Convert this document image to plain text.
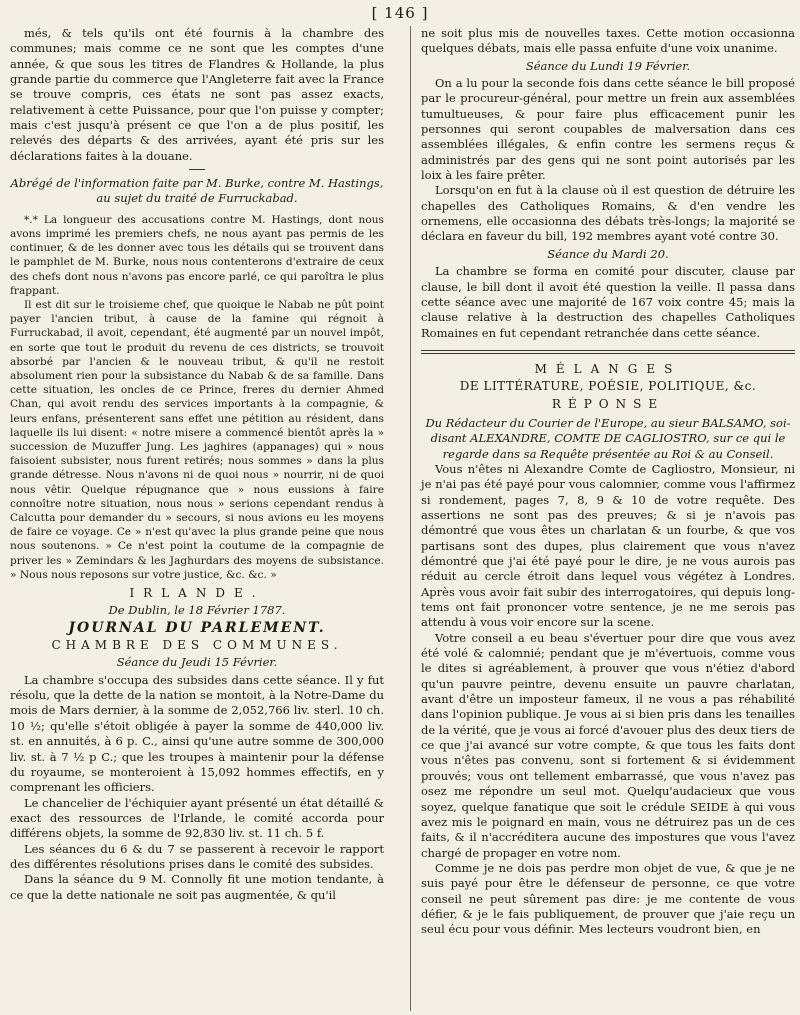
[ 146 ]

més, & tels qu'ils ont été fournis à la chambre des communes; mais comme ce ne sont que les comptes d'une année, & que sous les titres de Flandres & Hollande, la plus grande partie du commerce que l'Angleterre fait avec la France se trouve compris, ces états ne sont pas assez exacts, relativement à cette Puissance, pour que l'on puisse y compter; mais c'est jusqu'à présent ce que l'on a de plus positif, les relevés des départs & des arrivées, ayant été pris sur les déclarations faites à la douane.

Abrégé de l'information faite par M. Burke, contre M. Hastings, au sujet du traité de Furruckabad.

*.* La longueur des accusations contre M. Hastings, dont nous avons imprimé les premiers chefs, ne nous ayant pas permis de les continuer, & de les donner avec tous les détails qui se trouvent dans le pamphlet de M. Burke, nous nous contenterons d'extraire de ceux des chefs dont nous n'avons pas encore parlé, ce qui paroîtra le plus frappant.

Il est dit sur le troisieme chef, que quoique le Nabab ne pût point payer l'ancien tribut, à cause de la famine qui régnoit à Furruckabad, il avoit, cependant, été augmenté par un nouvel impôt, en sorte que tout le produit du revenu de ces districts, se trouvoit absorbé par l'ancien & le nouveau tribut, & qu'il ne restoit absolument rien pour la subsistance du Nabab & de sa famille. Dans cette situation, les oncles de ce Prince, freres du dernier Ahmed Chan, qui avoit rendu des services importants à la compagnie, & leurs enfans, présenterent sans effet une pétition au résident, dans laquelle ils lui disent: « notre misere a commencé bientôt après la » succession de Muzuffer Jung. Les jaghires (appanages) qui » nous faisoient subsister, nous furent retirés; nous sommes » dans la plus grande détresse. Nous n'avons ni de quoi nous » nourrir, ni de quoi nous vêtir. Quelque répugnance que » nous eussions à faire connoître notre situation, nous nous » serions cependant rendus à Calcutta pour demander du » secours, si nous avions eu les moyens de faire ce voyage. Ce » n'est qu'avec la plus grande peine que nous nous soutenons. » Ce n'est point la coutume de la compagnie de priver les » Zemindars & les Jaghurdars des moyens de subsistance. » Nous nous reposons sur votre justice, &c. &c. »

IRLANDE.
De Dublin, le 18 Février 1787.
JOURNAL DU PARLEMENT.
CHAMBRE DES COMMUNES.
Séance du Jeudi 15 Février.

La chambre s'occupa des subsides dans cette séance. Il y fut résolu, que la dette de la nation se montoit, à la Notre-Dame du mois de Mars dernier, à la somme de 2,052,766 liv. sterl. 10 ch. 10 ½; qu'elle s'étoit obligée à payer la somme de 440,000 liv. st. en annuités, à 6 p. C., ainsi qu'une autre somme de 300,000 liv. st. à 7 ½ p C.; que les troupes à maintenir pour la défense du royaume, se monteroient à 15,092 hommes effectifs, en y comprenant les officiers.

Le chancelier de l'échiquier ayant présenté un état détaillé & exact des ressources de l'Irlande, le comité accorda pour différens objets, la somme de 92,830 liv. st. 11 ch. 5 f.

Les séances du 6 & du 7 se passerent à recevoir le rapport des différentes résolutions prises dans le comité des subsides.

Dans la séance du 9 M. Connolly fit une motion tendante, à ce que la dette nationale ne soit pas augmentée, & qu'il

ne soit plus mis de nouvelles taxes. Cette motion occasionna quelques débats, mais elle passa enfuite d'une voix unanime.

Séance du Lundi 19 Février.

On a lu pour la seconde fois dans cette séance le bill proposé par le procureur-général, pour mettre un frein aux assemblées tumultueuses, & pour faire plus efficacement punir les personnes qui seront coupables de malversation dans ces assemblées illégales, & enfin contre les sermens reçus & administrés par des gens qui ne sont point autorisés par les loix à les faire prêter.

Lorsqu'on en fut à la clause où il est question de détruire les chapelles des Catholiques Romains, & d'en vendre les ornemens, elle occasionna des débats très-longs; la majorité se déclara en faveur du bill, 192 membres ayant voté contre 30.

Séance du Mardi 20.

La chambre se forma en comité pour discuter, clause par clause, le bill dont il avoit été question la veille. Il passa dans cette séance avec une majorité de 167 voix contre 45; mais la clause relative à la destruction des chapelles Catholiques Romaines en fut cependant retranchée dans cette séance.

MÉLANGES
DE LITTÉRATURE, POÉSIE, POLITIQUE, &c.
RÉPONSE

Du Rédacteur du Courier de l'Europe, au sieur BALSAMO, soi-disant ALEXANDRE, COMTE DE CAGLIOSTRO, sur ce qui le regarde dans sa Requête présentée au Roi & au Conseil.

Vous n'êtes ni Alexandre Comte de Cagliostro, Monsieur, ni je n'ai pas été payé pour vous calomnier, comme vous l'affirmez si rondement, pages 7, 8, 9 & 10 de votre requête. Des assertions ne sont pas des preuves; & si je n'avois pas démontré que vous êtes un charlatan & un fourbe, & que vos partisans sont des dupes, plus clairement que vous n'avez démontré que j'ai été payé pour le dire, je ne vous aurois pas réduit au cercle étroit dans lequel vous végétez à Londres. Après vous avoir fait subir des interrogatoires, qui depuis long-tems ont fait prononcer votre sentence, je ne me serois pas attendu à vous voir encore sur la scene.

Votre conseil a eu beau s'évertuer pour dire que vous avez été volé & calomnié; pendant que je m'évertuois, comme vous le dites si agréablement, à prouver que vous n'étiez d'abord qu'un pauvre peintre, devenu ensuite un pauvre charlatan, avant d'être un imposteur fameux, il ne vous a pas réhabilité dans l'opinion publique. Je vous ai si bien pris dans les tenailles de la vérité, que je vous ai forcé d'avouer plus des deux tiers de ce que j'ai avancé sur votre compte, & que tous les faits dont vous n'êtes pas convenu, sont si fortement & si évidemment prouvés; vous ont tellement embarrassé, que vous n'avez pas osez me répondre un seul mot. Quelqu'audacieux que vous soyez, quelque fanatique que soit le crédule SEIDE à qui vous avez mis le poignard en main, vous ne détruirez pas un de ces faits, & il n'accréditera aucune des impostures que vous l'avez chargé de propager en votre nom.

Comme je ne dois pas perdre mon objet de vue, & que je ne suis payé pour être le défenseur de personne, ce que votre conseil ne peut sûrement pas dire: je me contente de vous défier, & je le fais publiquement, de prouver que j'aie reçu un seul écu pour vous définir. Mes lecteurs voudront bien, en
